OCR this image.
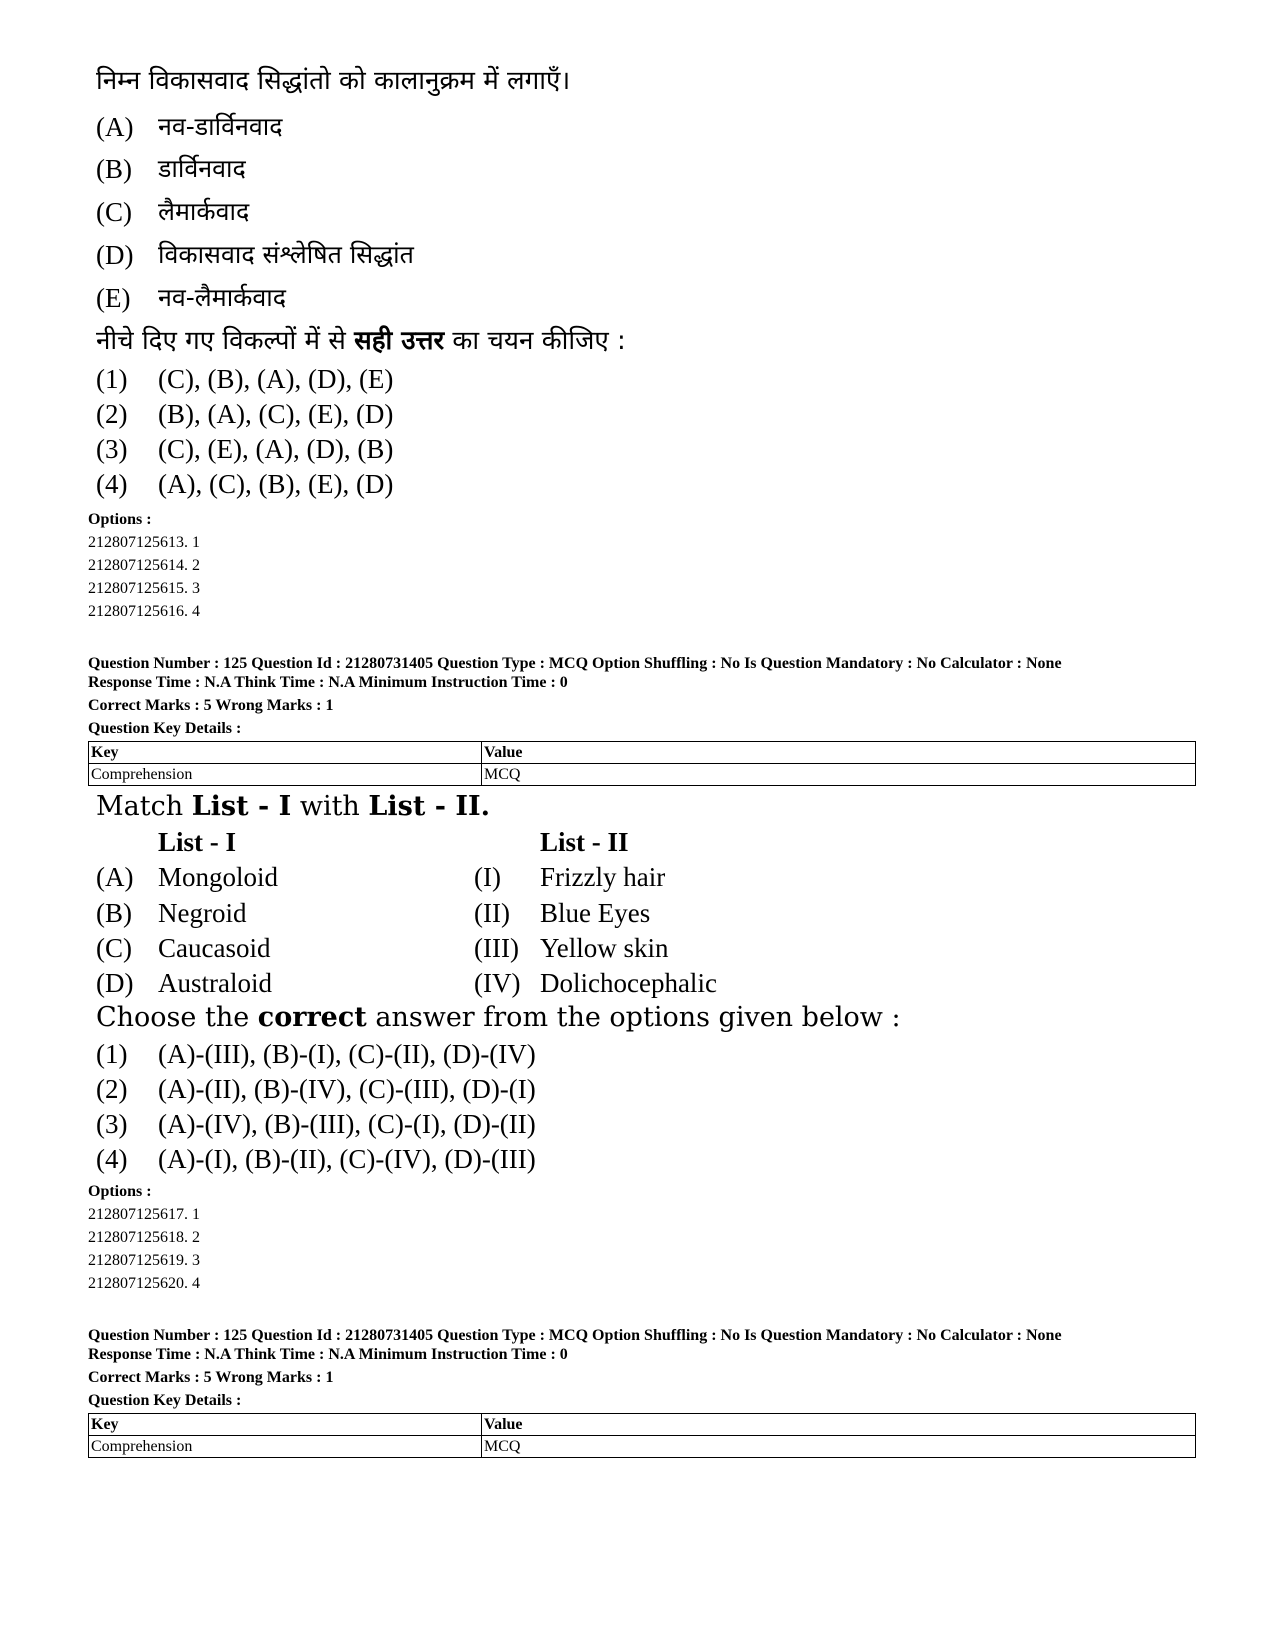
निम्न विकासवाद सिद्धांतो को कालानुक्रम में लगाएँ।
(A) नव-डार्विनवाद
(B) डार्विनवाद
(C) लैमार्कवाद
(D) विकासवाद संश्लेषित सिद्धांत
(E) नव-लैमार्कवाद
नीचे दिए गए विकल्पों में से सही उत्तर का चयन कीजिए :
(1) (C), (B), (A), (D), (E)
(2) (B), (A), (C), (E), (D)
(3) (C), (E), (A), (D), (B)
(4) (A), (C), (B), (E), (D)
Options :
212807125613. 1
212807125614. 2
212807125615. 3
212807125616. 4
Question Number : 125 Question Id : 21280731405 Question Type : MCQ Option Shuffling : No Is Question Mandatory : No Calculator : None
Response Time : N.A Think Time : N.A Minimum Instruction Time : 0
Correct Marks : 5 Wrong Marks : 1
Question Key Details :
Key	Value
Comprehension	MCQ
Match List - I with List - II.
List - I	List - II
(A) Mongoloid	(I) Frizzly hair
(B) Negroid	(II) Blue Eyes
(C) Caucasoid	(III) Yellow skin
(D) Australoid	(IV) Dolichocephalic
Choose the correct answer from the options given below :
(1) (A)-(III), (B)-(I), (C)-(II), (D)-(IV)
(2) (A)-(II), (B)-(IV), (C)-(III), (D)-(I)
(3) (A)-(IV), (B)-(III), (C)-(I), (D)-(II)
(4) (A)-(I), (B)-(II), (C)-(IV), (D)-(III)
Options :
212807125617. 1
212807125618. 2
212807125619. 3
212807125620. 4
Question Number : 125 Question Id : 21280731405 Question Type : MCQ Option Shuffling : No Is Question Mandatory : No Calculator : None
Response Time : N.A Think Time : N.A Minimum Instruction Time : 0
Correct Marks : 5 Wrong Marks : 1
Question Key Details :
Key	Value
Comprehension	MCQ
